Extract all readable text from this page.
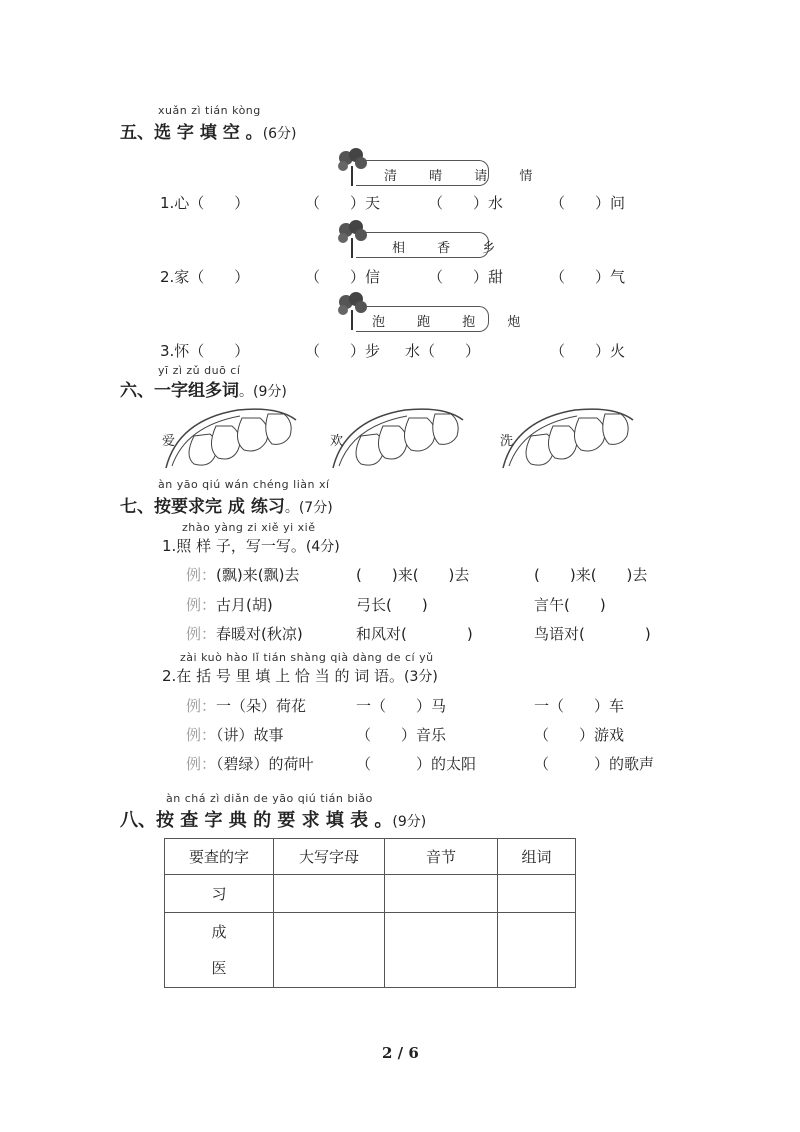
xuǎn zì tián kòng
五、选 字 填 空 。(6分)
清 晴 请 情
1.心（　　）	（　　）天	（　　）水	（　　）问
相 香 乡
2.家（　　）	（　　）信	（　　）甜	（　　）气
泡 跑 抱 炮
3.怀（　　）	（　　）步 水（　　）	（　　）火
yī zì zǔ duō cí
六、一字组多词。(9分)
爱	欢	洗
àn yāo qiú wán chéng liàn xí
七、按要求完 成 练习。(7分)
zhào yàng zi xiě yi xiě
1.照 样 子，写一写。(4分)
例：(飘)来(飘)去	(　　)来(　　)去	(　　)来(　　)去
例：古月(胡)	弓长(　　)	言午(　　)
例：春暖对(秋凉)	和风对(　　　　)	鸟语对(　　　　)
zài kuò hào lǐ tián shàng qià dàng de cí yǔ
2.在 括 号 里 填 上 恰 当 的 词 语。(3分)
例：一（朵）荷花	一（　　）马	一（　　）车
例：（讲）故事	（　　）音乐	（　　）游戏
例：（碧绿）的荷叶	（　　　）的太阳	（　　　）的歌声
àn chá zì diǎn de yāo qiú tián biǎo
八、按 查 字 典 的 要 求 填 表 。(9分)
要查的字	大写字母	音节	组词
习			

成
医			

2 / 6
